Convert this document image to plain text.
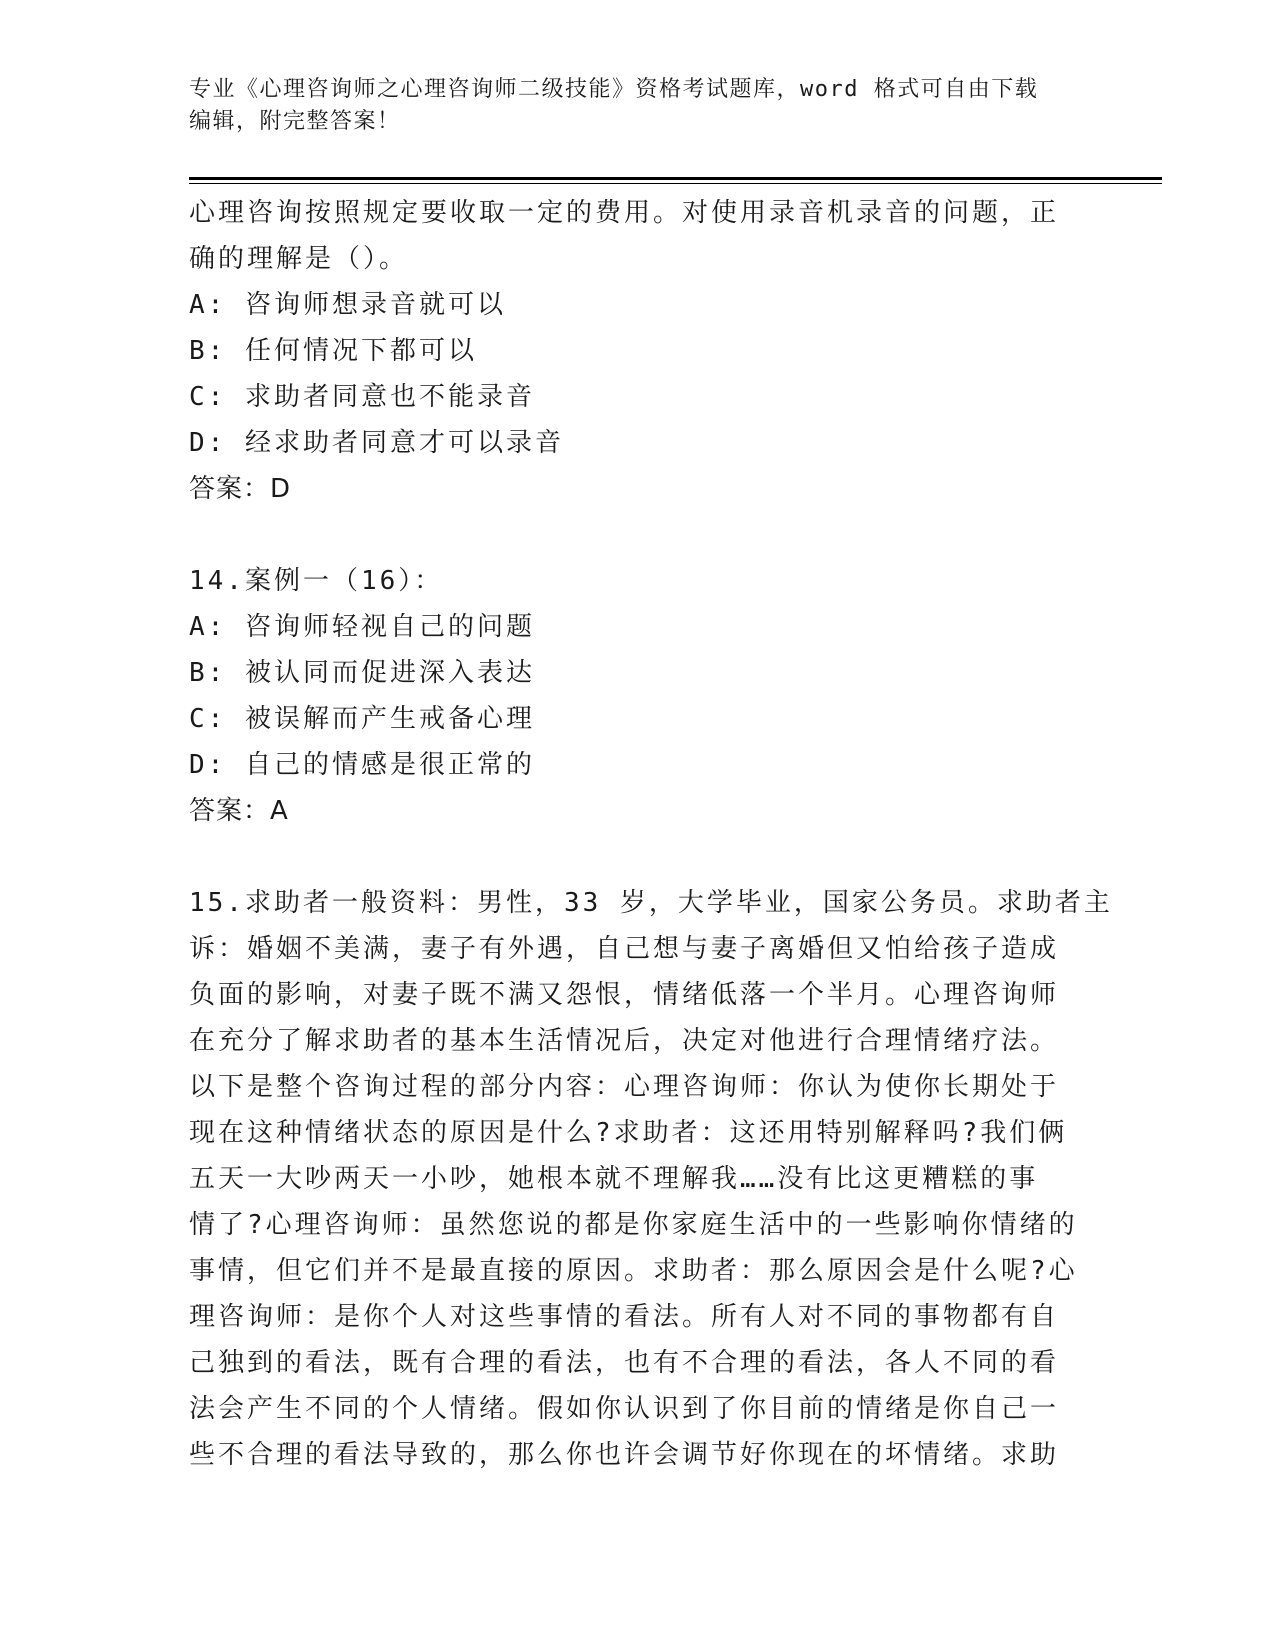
专业《心理咨询师之心理咨询师二级技能》资格考试题库，word 格式可自由下载
编辑，附完整答案！
心理咨询按照规定要收取一定的费用。对使用录音机录音的问题，正
确的理解是（）。
A: 咨询师想录音就可以
B: 任何情况下都可以
C: 求助者同意也不能录音
D: 经求助者同意才可以录音
答案：D
14.案例一（16）：
A: 咨询师轻视自己的问题
B: 被认同而促进深入表达
C: 被误解而产生戒备心理
D: 自己的情感是很正常的
答案：A
15.求助者一般资料：男性，33 岁，大学毕业，国家公务员。求助者主
诉：婚姻不美满，妻子有外遇，自己想与妻子离婚但又怕给孩子造成
负面的影响，对妻子既不满又怨恨，情绪低落一个半月。心理咨询师
在充分了解求助者的基本生活情况后，决定对他进行合理情绪疗法。
以下是整个咨询过程的部分内容：心理咨询师：你认为使你长期处于
现在这种情绪状态的原因是什么?求助者：这还用特别解释吗?我们俩
五天一大吵两天一小吵，她根本就不理解我……没有比这更糟糕的事
情了?心理咨询师：虽然您说的都是你家庭生活中的一些影响你情绪的
事情，但它们并不是最直接的原因。求助者：那么原因会是什么呢?心
理咨询师：是你个人对这些事情的看法。所有人对不同的事物都有自
己独到的看法，既有合理的看法，也有不合理的看法，各人不同的看
法会产生不同的个人情绪。假如你认识到了你目前的情绪是你自己一
些不合理的看法导致的，那么你也许会调节好你现在的坏情绪。求助
